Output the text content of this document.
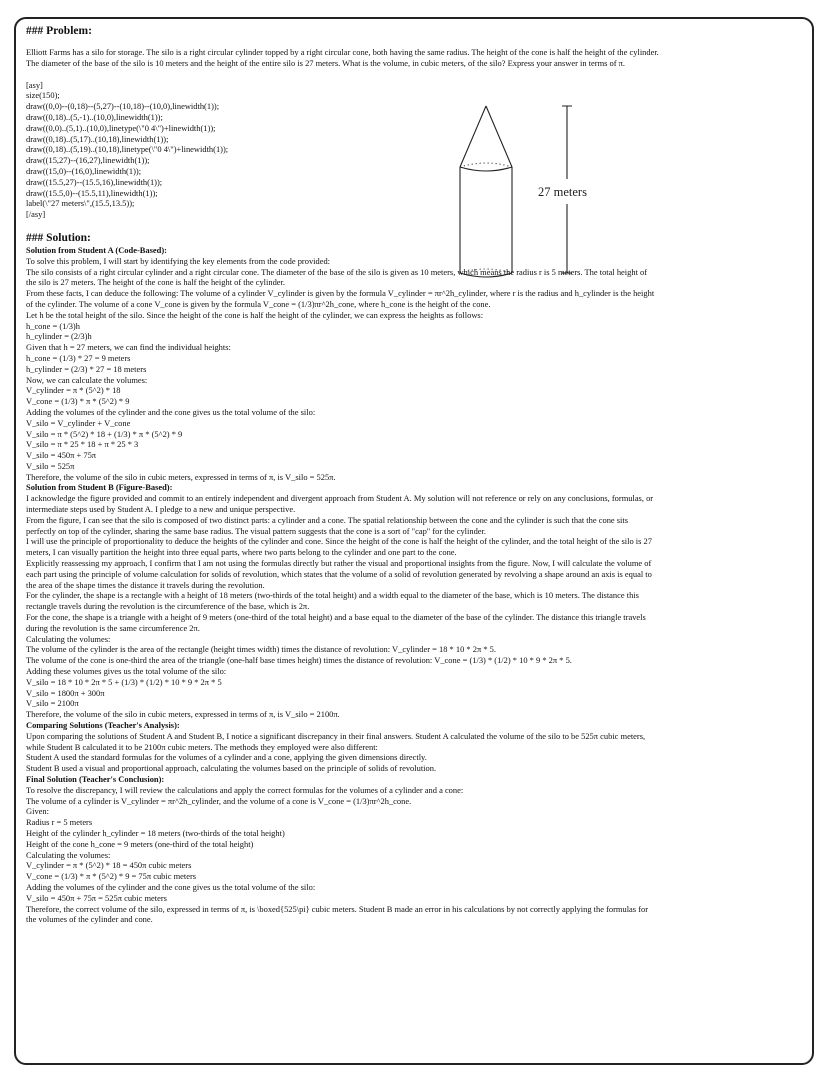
### Problem:

Elliott Farms has a silo for storage. The silo is a right circular cylinder topped by a right circular cone, both having the same radius. The height of the cone is half the height of the cylinder.

The diameter of the base of the silo is 10 meters and the height of the entire silo is 27 meters. What is the volume, in cubic meters, of the silo? Express your answer in terms of π.

[asy]

size(150);

draw((0,0)--(0,18)--(5,27)--(10,18)--(10,0),linewidth(1));

draw((0,18)..(5,-1)..(10,0),linewidth(1));

draw((0,0)..(5,1)..(10,0),linetype(\"0 4\")+linewidth(1));

draw((0,18)..(5,17)..(10,18),linewidth(1));

draw((0,18)..(5,19)..(10,18),linetype(\"0 4\")+linewidth(1));

draw((15,27)--(16,27),linewidth(1));

draw((15,0)--(16,0),linewidth(1));

draw((15.5,27)--(15.5,16),linewidth(1));

draw((15.5,0)--(15.5,11),linewidth(1));

label(\"27 meters\",(15.5,13.5));

[/asy]

### Solution:
27 meters

Solution from Student A (Code-Based):

To solve this problem, I will start by identifying the key elements from the code provided:

The silo consists of a right circular cylinder and a right circular cone. The diameter of the base of the silo is given as 10 meters, which means the radius r is 5 meters. The total height of

the silo is 27 meters. The height of the cone is half the height of the cylinder.

From these facts, I can deduce the following: The volume of a cylinder V_cylinder is given by the formula V_cylinder = πr^2h_cylinder, where r is the radius and h_cylinder is the height

of the cylinder. The volume of a cone V_cone is given by the formula V_cone = (1/3)πr^2h_cone, where h_cone is the height of the cone.

Let h be the total height of the silo. Since the height of the cone is half the height of the cylinder, we can express the heights as follows:

h_cone = (1/3)h

h_cylinder = (2/3)h

Given that h = 27 meters, we can find the individual heights:

h_cone = (1/3) * 27 = 9 meters

h_cylinder = (2/3) * 27 = 18 meters

Now, we can calculate the volumes:

V_cylinder = π * (5^2) * 18

V_cone = (1/3) * π * (5^2) * 9

Adding the volumes of the cylinder and the cone gives us the total volume of the silo:

V_silo = V_cylinder + V_cone

V_silo = π * (5^2) * 18 + (1/3) * π * (5^2) * 9

V_silo = π * 25 * 18 + π * 25 * 3

V_silo = 450π + 75π

V_silo = 525π

Therefore, the volume of the silo in cubic meters, expressed in terms of π, is V_silo = 525π.

Solution from Student B (Figure-Based):

I acknowledge the figure provided and commit to an entirely independent and divergent approach from Student A. My solution will not reference or rely on any conclusions, formulas, or

intermediate steps used by Student A. I pledge to a new and unique perspective.

From the figure, I can see that the silo is composed of two distinct parts: a cylinder and a cone. The spatial relationship between the cone and the cylinder is such that the cone sits

perfectly on top of the cylinder, sharing the same base radius. The visual pattern suggests that the cone is a sort of "cap" for the cylinder.

I will use the principle of proportionality to deduce the heights of the cylinder and cone. Since the height of the cone is half the height of the cylinder, and the total height of the silo is 27

meters, I can visually partition the height into three equal parts, where two parts belong to the cylinder and one part to the cone.

Explicitly reassessing my approach, I confirm that I am not using the formulas directly but rather the visual and proportional insights from the figure. Now, I will calculate the volume of

each part using the principle of volume calculation for solids of revolution, which states that the volume of a solid of revolution generated by revolving a shape around an axis is equal to

the area of the shape times the distance it travels during the revolution.

For the cylinder, the shape is a rectangle with a height of 18 meters (two-thirds of the total height) and a width equal to the diameter of the base, which is 10 meters. The distance this

rectangle travels during the revolution is the circumference of the base, which is 2π.

For the cone, the shape is a triangle with a height of 9 meters (one-third of the total height) and a base equal to the diameter of the base of the cylinder. The distance this triangle travels

during the revolution is the same circumference 2π.

Calculating the volumes:

The volume of the cylinder is the area of the rectangle (height times width) times the distance of revolution: V_cylinder = 18 * 10 * 2π * 5.

The volume of the cone is one-third the area of the triangle (one-half base times height) times the distance of revolution: V_cone = (1/3) * (1/2) * 10 * 9 * 2π * 5.

Adding these volumes gives us the total volume of the silo:

V_silo = 18 * 10 * 2π * 5 + (1/3) * (1/2) * 10 * 9 * 2π * 5

V_silo = 1800π + 300π

V_silo = 2100π

Therefore, the volume of the silo in cubic meters, expressed in terms of π, is V_silo = 2100π.

Comparing Solutions (Teacher's Analysis):

Upon comparing the solutions of Student A and Student B, I notice a significant discrepancy in their final answers. Student A calculated the volume of the silo to be 525π cubic meters,

while Student B calculated it to be 2100π cubic meters. The methods they employed were also different:

Student A used the standard formulas for the volumes of a cylinder and a cone, applying the given dimensions directly.

Student B used a visual and proportional approach, calculating the volumes based on the principle of solids of revolution.

Final Solution (Teacher's Conclusion):

To resolve the discrepancy, I will review the calculations and apply the correct formulas for the volumes of a cylinder and a cone:

The volume of a cylinder is V_cylinder = πr^2h_cylinder, and the volume of a cone is V_cone = (1/3)πr^2h_cone.

Given:

Radius r = 5 meters

Height of the cylinder h_cylinder = 18 meters (two-thirds of the total height)

Height of the cone h_cone = 9 meters (one-third of the total height)

Calculating the volumes:

V_cylinder = π * (5^2) * 18 = 450π cubic meters

V_cone = (1/3) * π * (5^2) * 9 = 75π cubic meters

Adding the volumes of the cylinder and the cone gives us the total volume of the silo:

V_silo = 450π + 75π = 525π cubic meters

Therefore, the correct volume of the silo, expressed in terms of π, is \boxed{525\pi} cubic meters. Student B made an error in his calculations by not correctly applying the formulas for

the volumes of the cylinder and cone.
